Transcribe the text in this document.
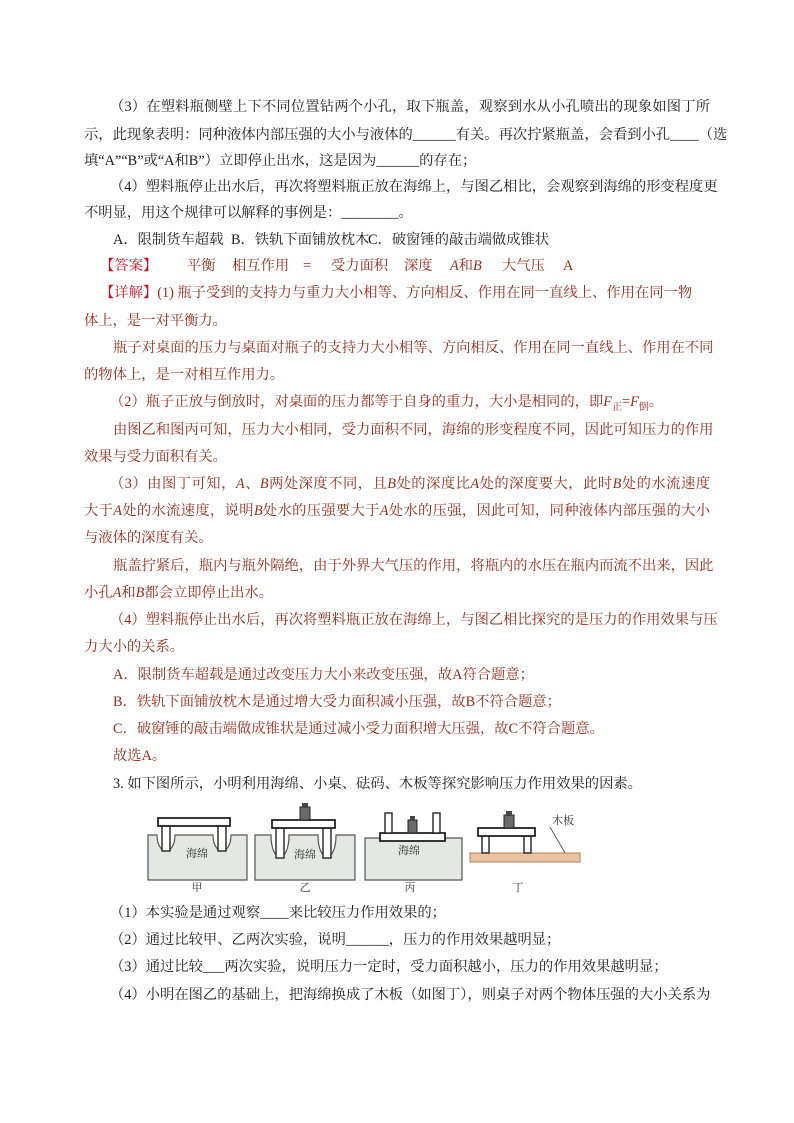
（3）在塑料瓶侧壁上下不同位置钻两个小孔，取下瓶盖，观察到水从小孔喷出的现象如图丁所
示，此现象表明：同种液体内部压强的大小与液体的______有关。再次拧紧瓶盖，会看到小孔____（选
填“A”“B”或“A和B”）立即停止出水，这是因为______的存在；
（4）塑料瓶停止出水后，再次将塑料瓶正放在海绵上，与图乙相比，会观察到海绵的形变程度更
不明显，用这个规律可以解释的事例是：________。
A．限制货车超载 B．铁轨下面铺放枕木
C．破窗锤的敲击端做成锥状
【答案】 平衡 相互作用 = 受力面积 深度 A和B 大气压 A
【详解】(1) 瓶子受到的支持力与重力大小相等、方向相反、作用在同一直线上、作用在同一物
体上，是一对平衡力。
瓶子对桌面的压力与桌面对瓶子的支持力大小相等、方向相反、作用在同一直线上、作用在不同
的物体上，是一对相互作用力。
（2）瓶子正放与倒放时，对桌面的压力都等于自身的重力，大小是相同的，即$F_正=F_倒$。
由图乙和图丙可知，压力大小相同，受力面积不同，海绵的形变程度不同，因此可知压力的作用
效果与受力面积有关。
（3）由图丁可知，A、B两处深度不同，且B处的深度比A处的深度要大，此时B处的水流速度
大于A处的水流速度，说明B处水的压强要大于A处水的压强，因此可知，同种液体内部压强的大小
与液体的深度有关。
瓶盖拧紧后，瓶内与瓶外隔绝，由于外界大气压的作用，将瓶内的水压在瓶内而流不出来，因此
小孔A和B都会立即停止出水。
（4）塑料瓶停止出水后，再次将塑料瓶正放在海绵上，与图乙相比探究的是压力的作用效果与压
力大小的关系。
A．限制货车超载是通过改变压力大小来改变压强，故A符合题意；
B．铁轨下面铺放枕木是通过增大受力面积减小压强，故B不符合题意；
C．破窗锤的敲击端做成锥状是通过减小受力面积增大压强，故C不符合题意。
故选A。
3. 如下图所示，小明利用海绵、小桌、砝码、木板等探究影响压力作用效果的因素。
海绵
甲
海绵
乙
海绵
丙
木板
丁
（1）本实验是通过观察____来比较压力作用效果的；
（2）通过比较甲、乙两次实验，说明______，压力的作用效果越明显；
（3）通过比较___两次实验，说明压力一定时，受力面积越小，压力的作用效果越明显；
（4）小明在图乙的基础上，把海绵换成了木板（如图丁），则桌子对两个物体压强的大小关系为
